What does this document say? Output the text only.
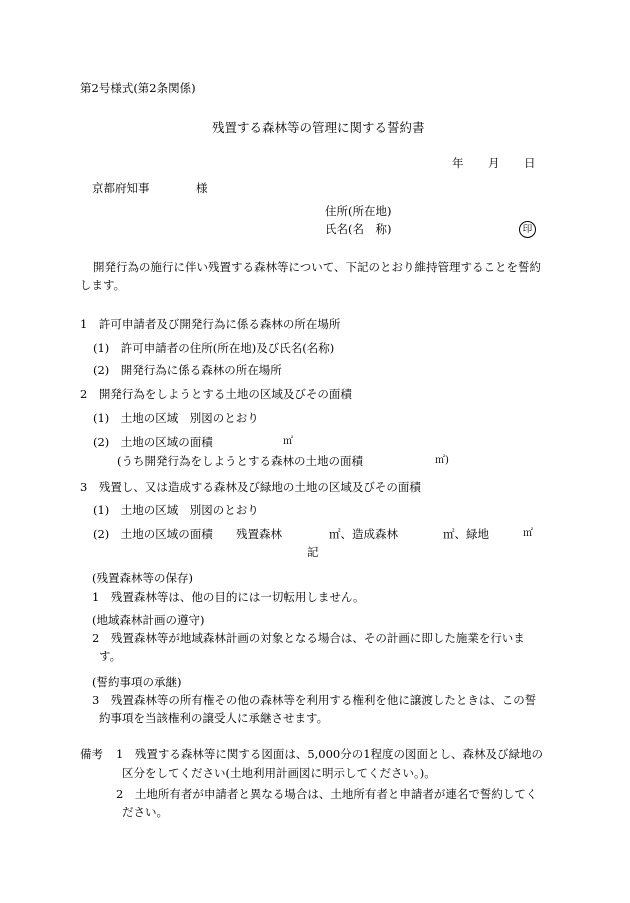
第2号様式(第2条関係)
残置する森林等の管理に関する誓約書
年 月 日
京都府知事	様
住所(所在地)
氏名(名　称)	印
開発行為の施行に伴い残置する森林等について、下記のとおり維持管理することを誓約
します。
1　許可申請者及び開発行為に係る森林の所在場所
(1)　許可申請者の住所(所在地)及び氏名(名称)
(2)　開発行為に係る森林の所在場所
2　開発行為をしようとする土地の区域及びその面積
(1)　土地の区域　別図のとおり
(2)　土地の区域の面積	㎡
(うち開発行為をしようとする森林の土地の面積	㎡)
3　残置し、又は造成する森林及び緑地の土地の区域及びその面積
(1)　土地の区域　別図のとおり
(2)　土地の区域の面積 残置森林	㎡、造成森林	㎡、緑地	㎡
記
(残置森林等の保存)
1　残置森林等は、他の目的には一切転用しません。
(地域森林計画の遵守)
2　残置森林等が地域森林計画の対象となる場合は、その計画に即した施業を行いま
す。
(誓約事項の承継)
3　残置森林等の所有権その他の森林等を利用する権利を他に譲渡したときは、この誓
約事項を当該権利の譲受人に承継させます。
備考 1　残置する森林等に関する図面は、5,000分の1程度の図面とし、森林及び緑地の
区分をしてください(土地利用計画図に明示してください。)。
2　土地所有者が申請者と異なる場合は、土地所有者と申請者が連名で誓約してく
ださい。
